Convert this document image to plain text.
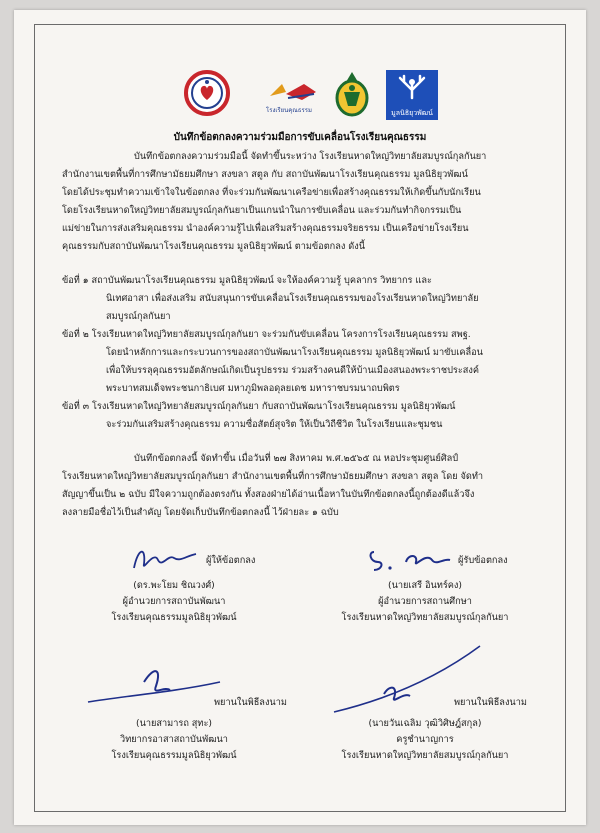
โรงเรียนคุณธรรม	มูลนิธิยุวพัฒน์
บันทึกข้อตกลงความร่วมมือการขับเคลื่อนโรงเรียนคุณธรรม
บันทึกข้อตกลงความร่วมมือนี้ จัดทำขึ้นระหว่าง โรงเรียนหาดใหญ่วิทยาลัยสมบูรณ์กุลกันยา
สำนักงานเขตพื้นที่การศึกษามัธยมศึกษา สงขลา สตูล กับ สถาบันพัฒนาโรงเรียนคุณธรรม มูลนิธิยุวพัฒน์
โดยได้ประชุมทำความเข้าใจในข้อตกลง ที่จะร่วมกันพัฒนาเครือข่ายเพื่อสร้างคุณธรรมให้เกิดขึ้นกับนักเรียน
โดยโรงเรียนหาดใหญ่วิทยาลัยสมบูรณ์กุลกันยาเป็นแกนนำในการขับเคลื่อน และร่วมกันทำกิจกรรมเป็น
แม่ข่ายในการส่งเสริมคุณธรรม นำองค์ความรู้ไปเพื่อเสริมสร้างคุณธรรมจริยธรรม เป็นเครือข่ายโรงเรียน
คุณธรรมกับสถาบันพัฒนาโรงเรียนคุณธรรม มูลนิธิยุวพัฒน์ ตามข้อตกลง ดังนี้
ข้อที่ ๑ สถาบันพัฒนาโรงเรียนคุณธรรม มูลนิธิยุวพัฒน์ จะให้องค์ความรู้ บุคลากร วิทยากร และ
นิเทศอาสา เพื่อส่งเสริม สนับสนุนการขับเคลื่อนโรงเรียนคุณธรรมของโรงเรียนหาดใหญ่วิทยาลัย
สมบูรณ์กุลกันยา
ข้อที่ ๒ โรงเรียนหาดใหญ่วิทยาลัยสมบูรณ์กุลกันยา จะร่วมกันขับเคลื่อน โครงการโรงเรียนคุณธรรม สพฐ.
โดยนำหลักการและกระบวนการของสถาบันพัฒนาโรงเรียนคุณธรรม มูลนิธิยุวพัฒน์ มาขับเคลื่อน
เพื่อให้บรรลุคุณธรรมอัตลักษณ์เกิดเป็นรูปธรรม ร่วมสร้างคนดีให้บ้านเมืองสนองพระราชประสงค์
พระบาทสมเด็จพระชนกาธิเบศ มหาภูมิพลอดุลยเดช มหาราชบรมนาถบพิตร
ข้อที่ ๓ โรงเรียนหาดใหญ่วิทยาลัยสมบูรณ์กุลกันยา กับสถาบันพัฒนาโรงเรียนคุณธรรม มูลนิธิยุวพัฒน์
จะร่วมกันเสริมสร้างคุณธรรม ความซื่อสัตย์สุจริต ให้เป็นวิถีชีวิต ในโรงเรียนและชุมชน
บันทึกข้อตกลงนี้ จัดทำขึ้น เมื่อวันที่ ๒๗ สิงหาคม พ.ศ.๒๕๖๕ ณ หอประชุมศูนย์ศิลป์
โรงเรียนหาดใหญ่วิทยาลัยสมบูรณ์กุลกันยา สำนักงานเขตพื้นที่การศึกษามัธยมศึกษา สงขลา สตูล โดย จัดทำ
สัญญาขึ้นเป็น ๒ ฉบับ มีใจความถูกต้องตรงกัน ทั้งสองฝ่ายได้อ่านเนื้อหาในบันทึกข้อตกลงนี้ถูกต้องดีแล้วจึง
ลงลายมือชื่อไว้เป็นสำคัญ โดยจัดเก็บบันทึกข้อตกลงนี้ ไว้ฝ่ายละ ๑ ฉบับ
ผู้ให้ข้อตกลง
(ดร.พะโยม ชิณวงศ์)
ผู้อำนวยการสถาบันพัฒนา
โรงเรียนคุณธรรมมูลนิธิยุวพัฒน์
ผู้รับข้อตกลง
(นายเสรี อินทร์คง)
ผู้อำนวยการสถานศึกษา
โรงเรียนหาดใหญ่วิทยาลัยสมบูรณ์กุลกันยา
พยานในพิธีลงนาม
(นายสามารถ สุทะ)
วิทยากรอาสาสถาบันพัฒนา
โรงเรียนคุณธรรมมูลนิธิยุวพัฒน์
พยานในพิธีลงนาม
(นายวันเฉลิม วุฒิวิศิษฎ์สกุล)
ครูชำนาญการ
โรงเรียนหาดใหญ่วิทยาลัยสมบูรณ์กุลกันยา
